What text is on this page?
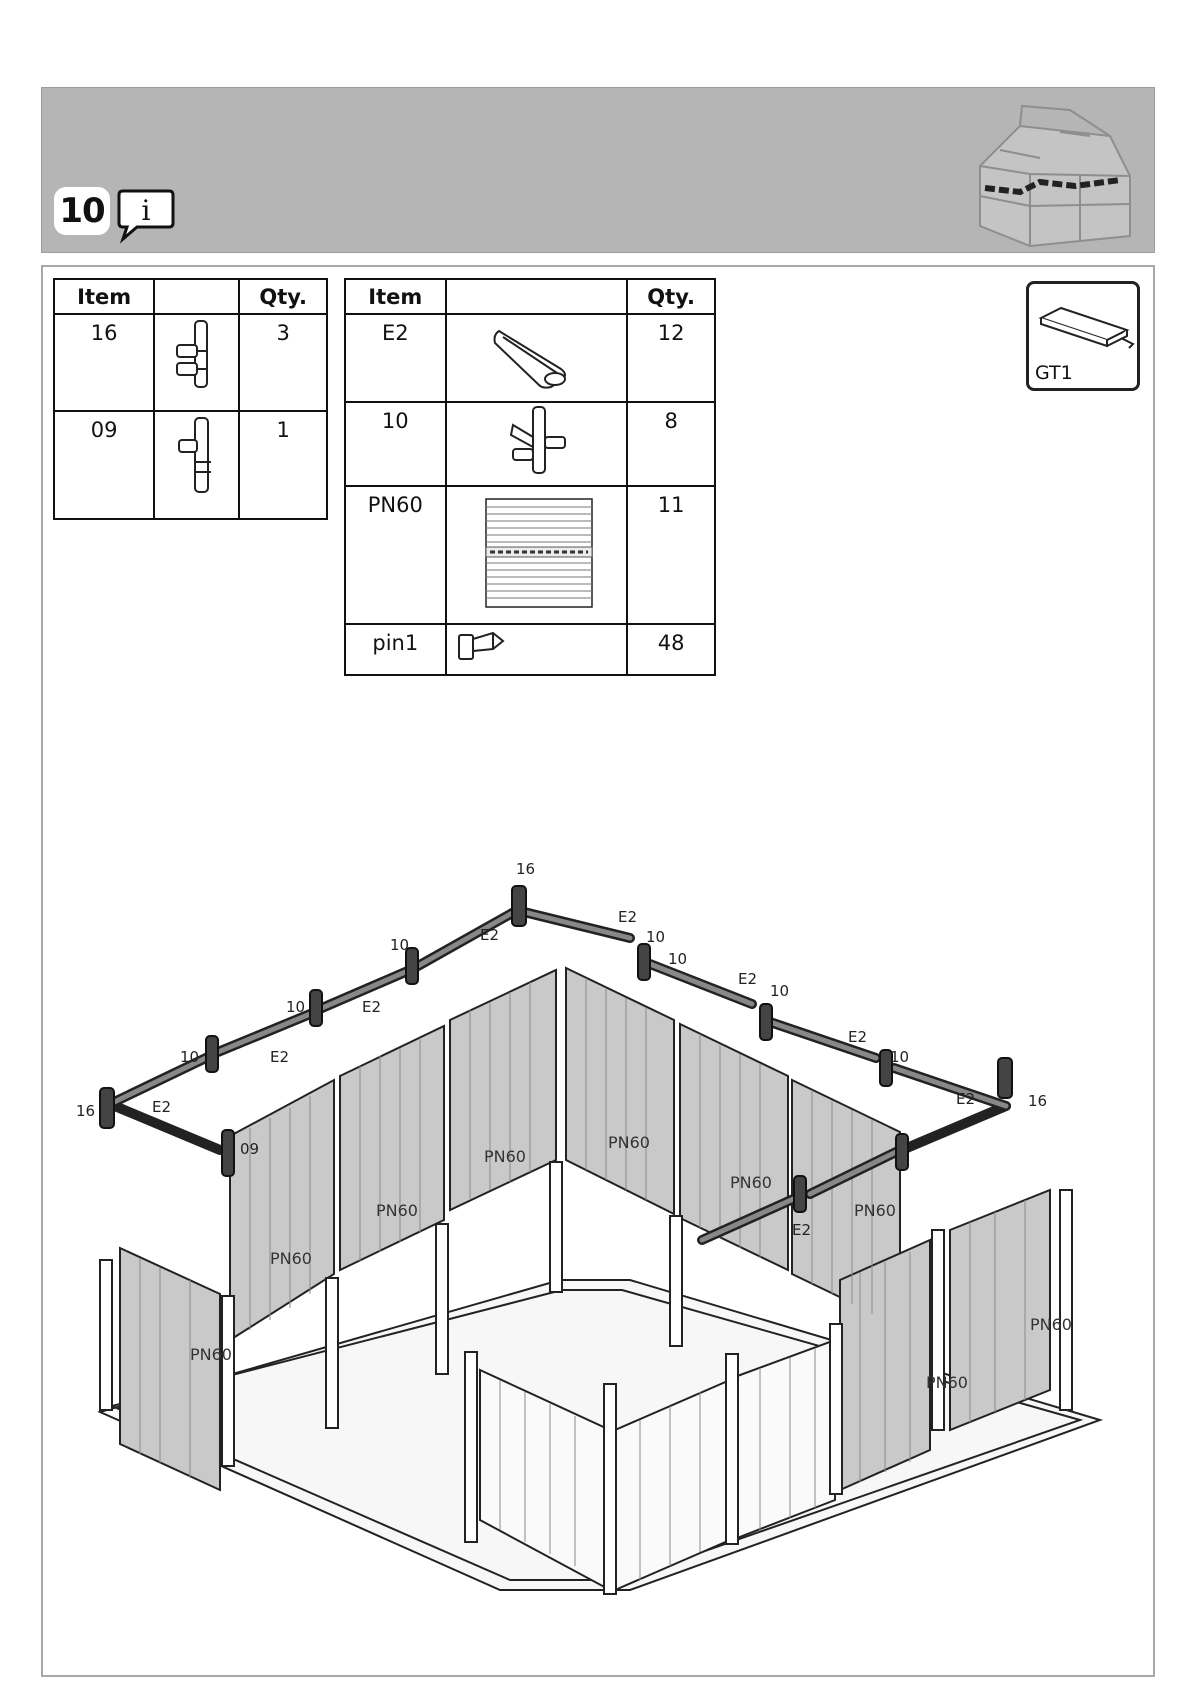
10 i
Item		Qty.
16		3
09		1
Item		Qty.
E2		12
10		8
PN60		11
pin1		48
GT1
16
10
10
10
16
10
10
10
16
10
09
E2
E2
E2
E2
E2
E2
E2
E2
E2
PN60
PN60
PN60
PN60
PN60
PN60
PN60
PN60
PN60
